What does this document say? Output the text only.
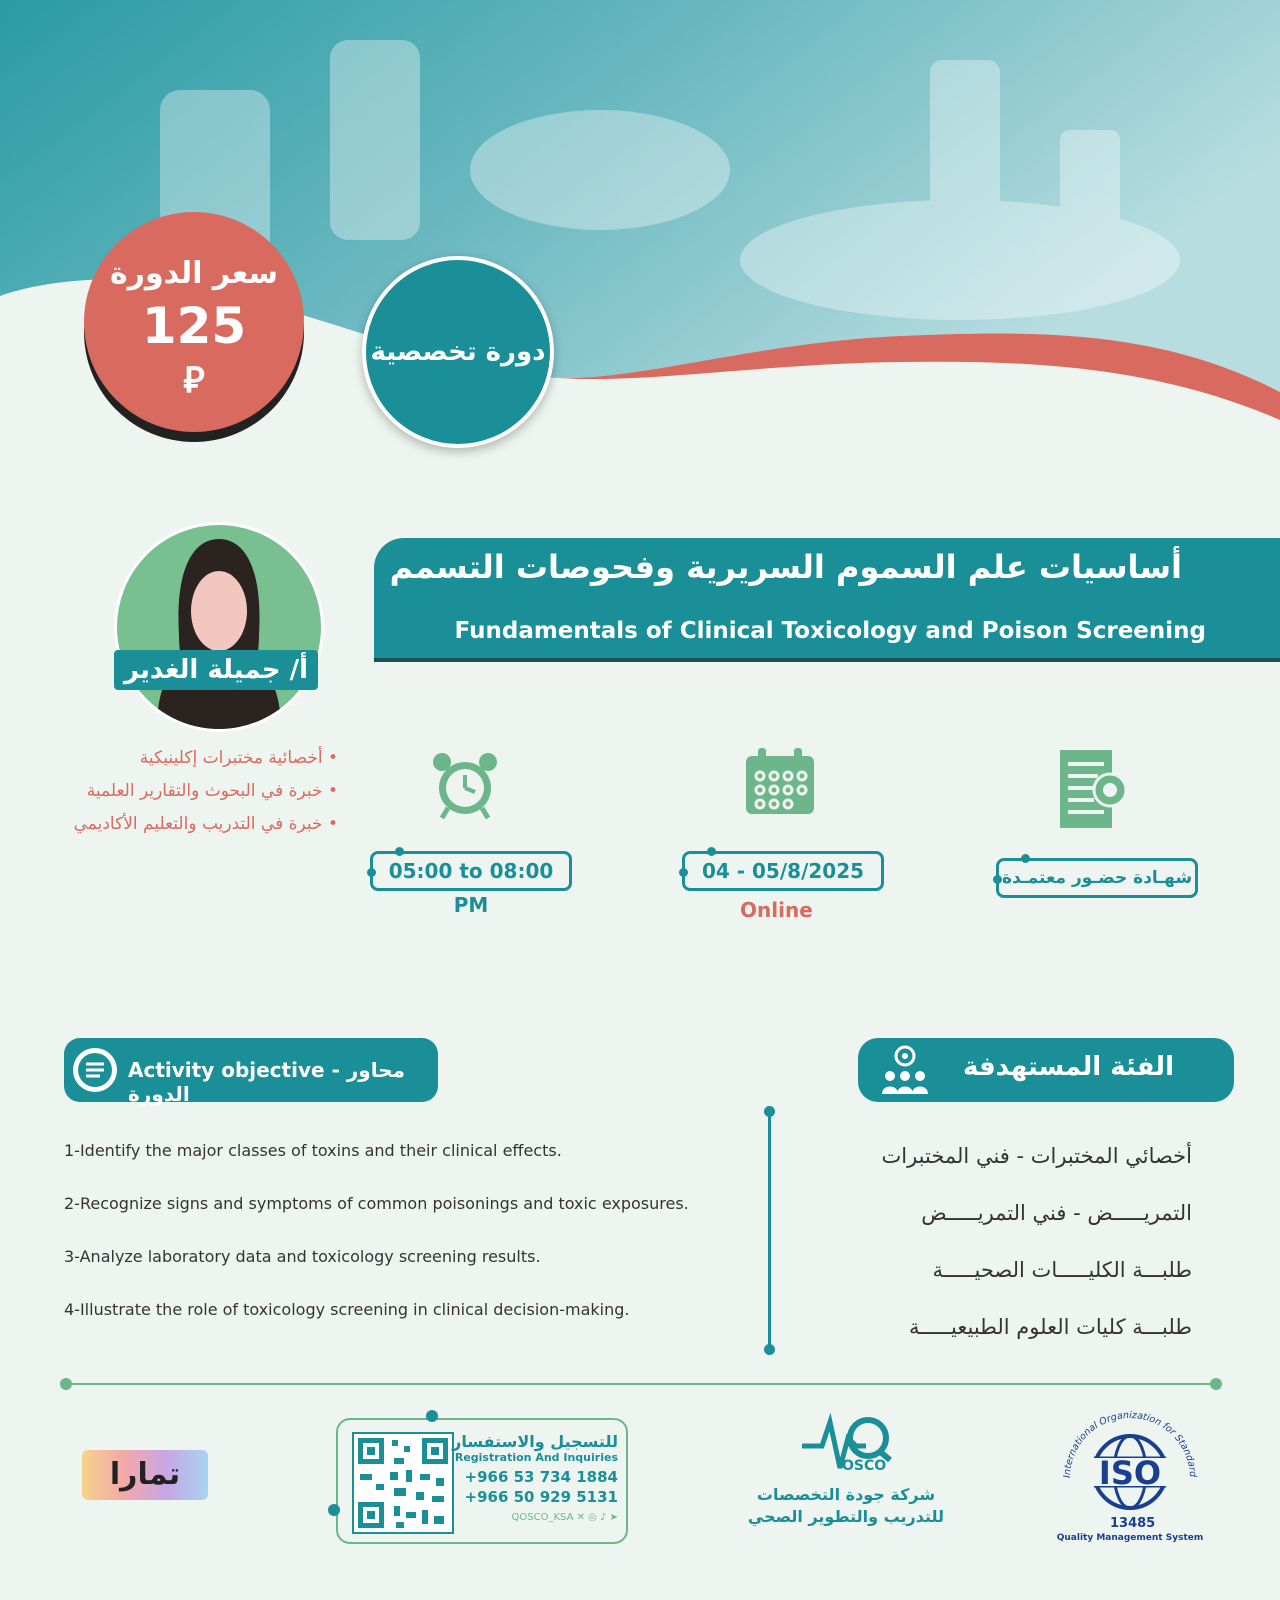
سعر الدورة
125
⃁
دورة تخصصية
أ/ جميلة الغدير
أخصائية مختبرات إكلينيكية •
خبرة في البحوث والتقارير العلمية •
خبرة في التدريب والتعليم الأكاديمي •
أساسيات علم السموم السريرية وفحوصات التسمم
Fundamentals of Clinical Toxicology and Poison Screening
05:00 to 08:00 PM
04 - 05/8/2025
Online
شهـادة حضـور معتمـدة
Activity objective - محاور الدورة
1-Identify the major classes of toxins and their clinical effects.
2-Recognize signs and symptoms of common poisonings and toxic exposures.
3-Analyze laboratory data and toxicology screening results.
4-Illustrate the role of toxicology screening in clinical decision-making.
الفئة المستهدفة
أخصائي المختبرات - فني المختبرات
التمريـــــض - فني التمريـــــض
طلبـــة الكليـــــات الصحيـــــة
طلبـــة كليات العلوم الطبيعيـــــة
للتسجيل والاستفسار
Registration And Inquiries
+966 53 734 1884
+966 50 929 5131
QOSCO_KSA ✕ ◎ ♪ ➤
OSCO
شركة جودة التخصصات
للتدريب والتطوير الصحي
International Organization for Standard
ISO
13485
Quality Management System
تمارا
